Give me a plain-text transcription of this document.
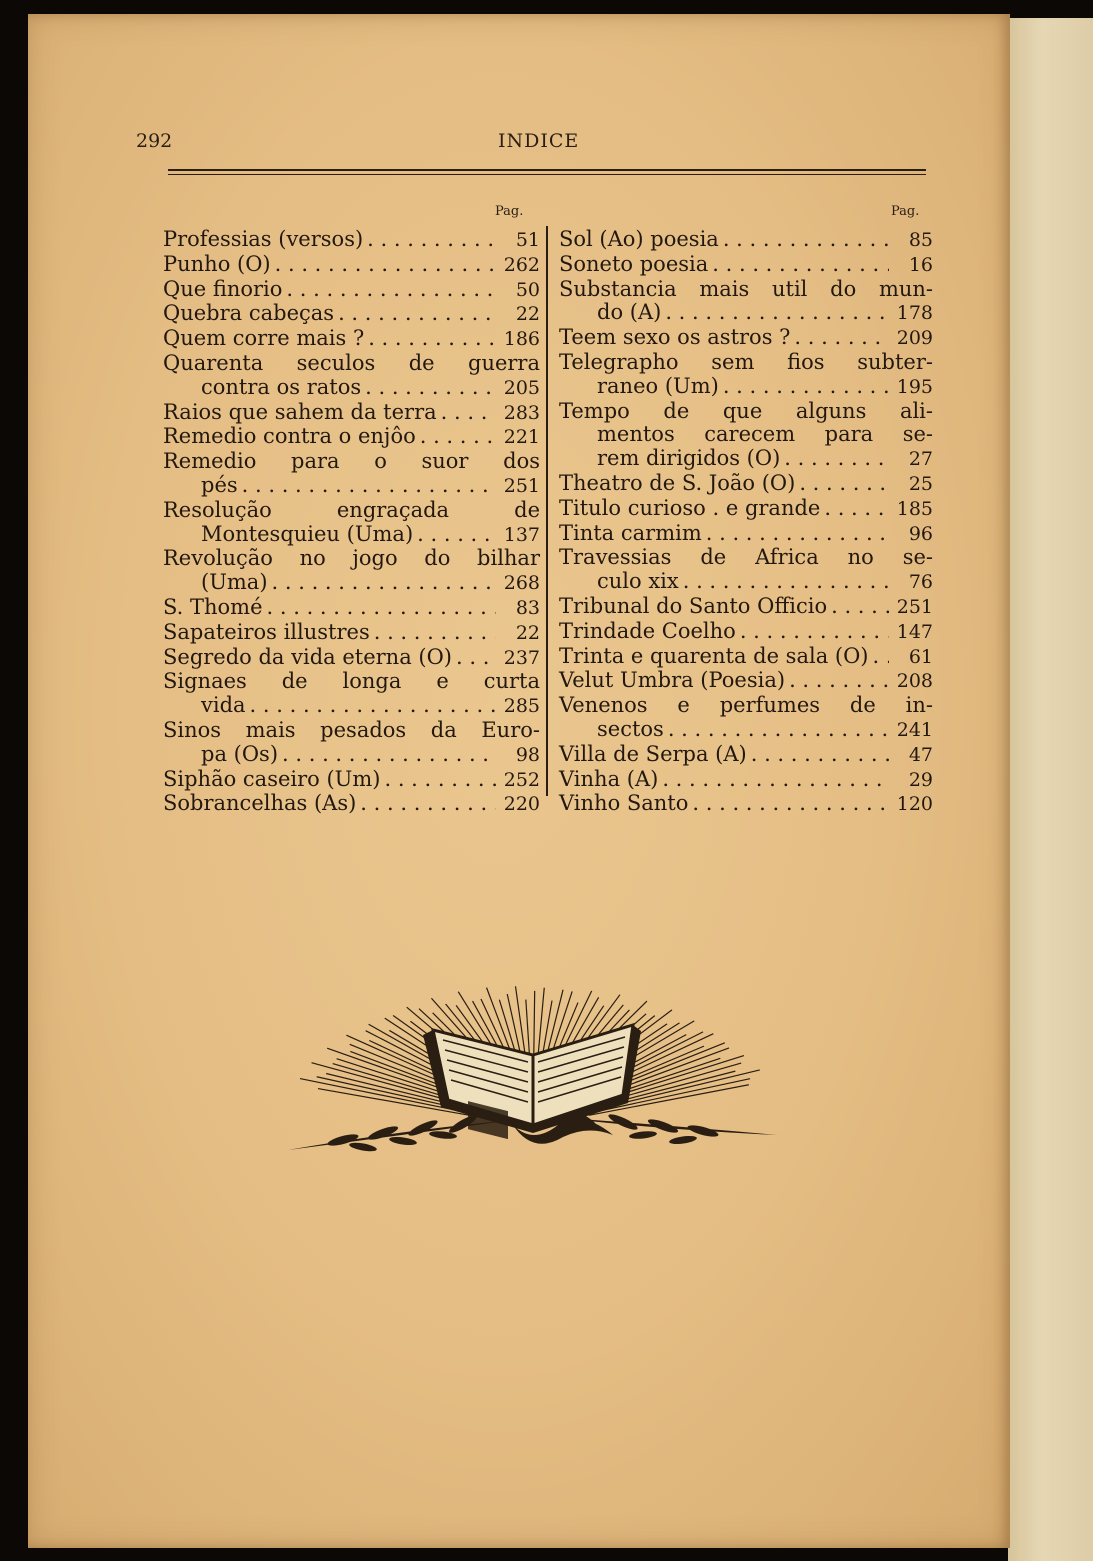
292	INDICE
Pag.	Pag.
Professias (versos) . . .	51
Punho (O) . . .	262
Que finorio . . .	50
Quebra cabeças . . .	22
Quem corre mais ? . . .	186
Quarenta seculos de guerra
contra os ratos . . .	205
Raios que sahem da terra . . .	283
Remedio contra o enjôo . . .	221
Remedio para o suor dos
pés . . .	251
Resolução engraçada de
Montesquieu (Uma) . . .	137
Revolução no jogo do bilhar
(Uma) . . .	268
S. Thomé . . .	83
Sapateiros illustres . . .	22
Segredo da vida eterna (O) . . .	237
Signaes de longa e curta
vida . . .	285
Sinos mais pesados da Euro-
pa (Os) . . .	98
Siphão caseiro (Um) . . .	252
Sobrancelhas (As) . . .	220
Sol (Ao) poesia . . .	85
Soneto poesia . . .	16
Substancia mais util do mun-
do (A) . . .	178
Teem sexo os astros ? . . .	209
Telegrapho sem fios subter-
raneo (Um) . . .	195
Tempo de que alguns ali-
mentos carecem para se-
rem dirigidos (O) . . .	27
Theatro de S. João (O) . . .	25
Titulo curioso . e grande . . .	185
Tinta carmim . . .	96
Travessias de Africa no se-
culo xix . . .	76
Tribunal do Santo Officio . . .	251
Trindade Coelho . . .	147
Trinta e quarenta de sala (O) . . .	61
Velut Umbra (Poesia) . . .	208
Venenos e perfumes de in-
sectos . . .	241
Villa de Serpa (A) . . .	47
Vinha (A) . . .	29
Vinho Santo . . .	120
